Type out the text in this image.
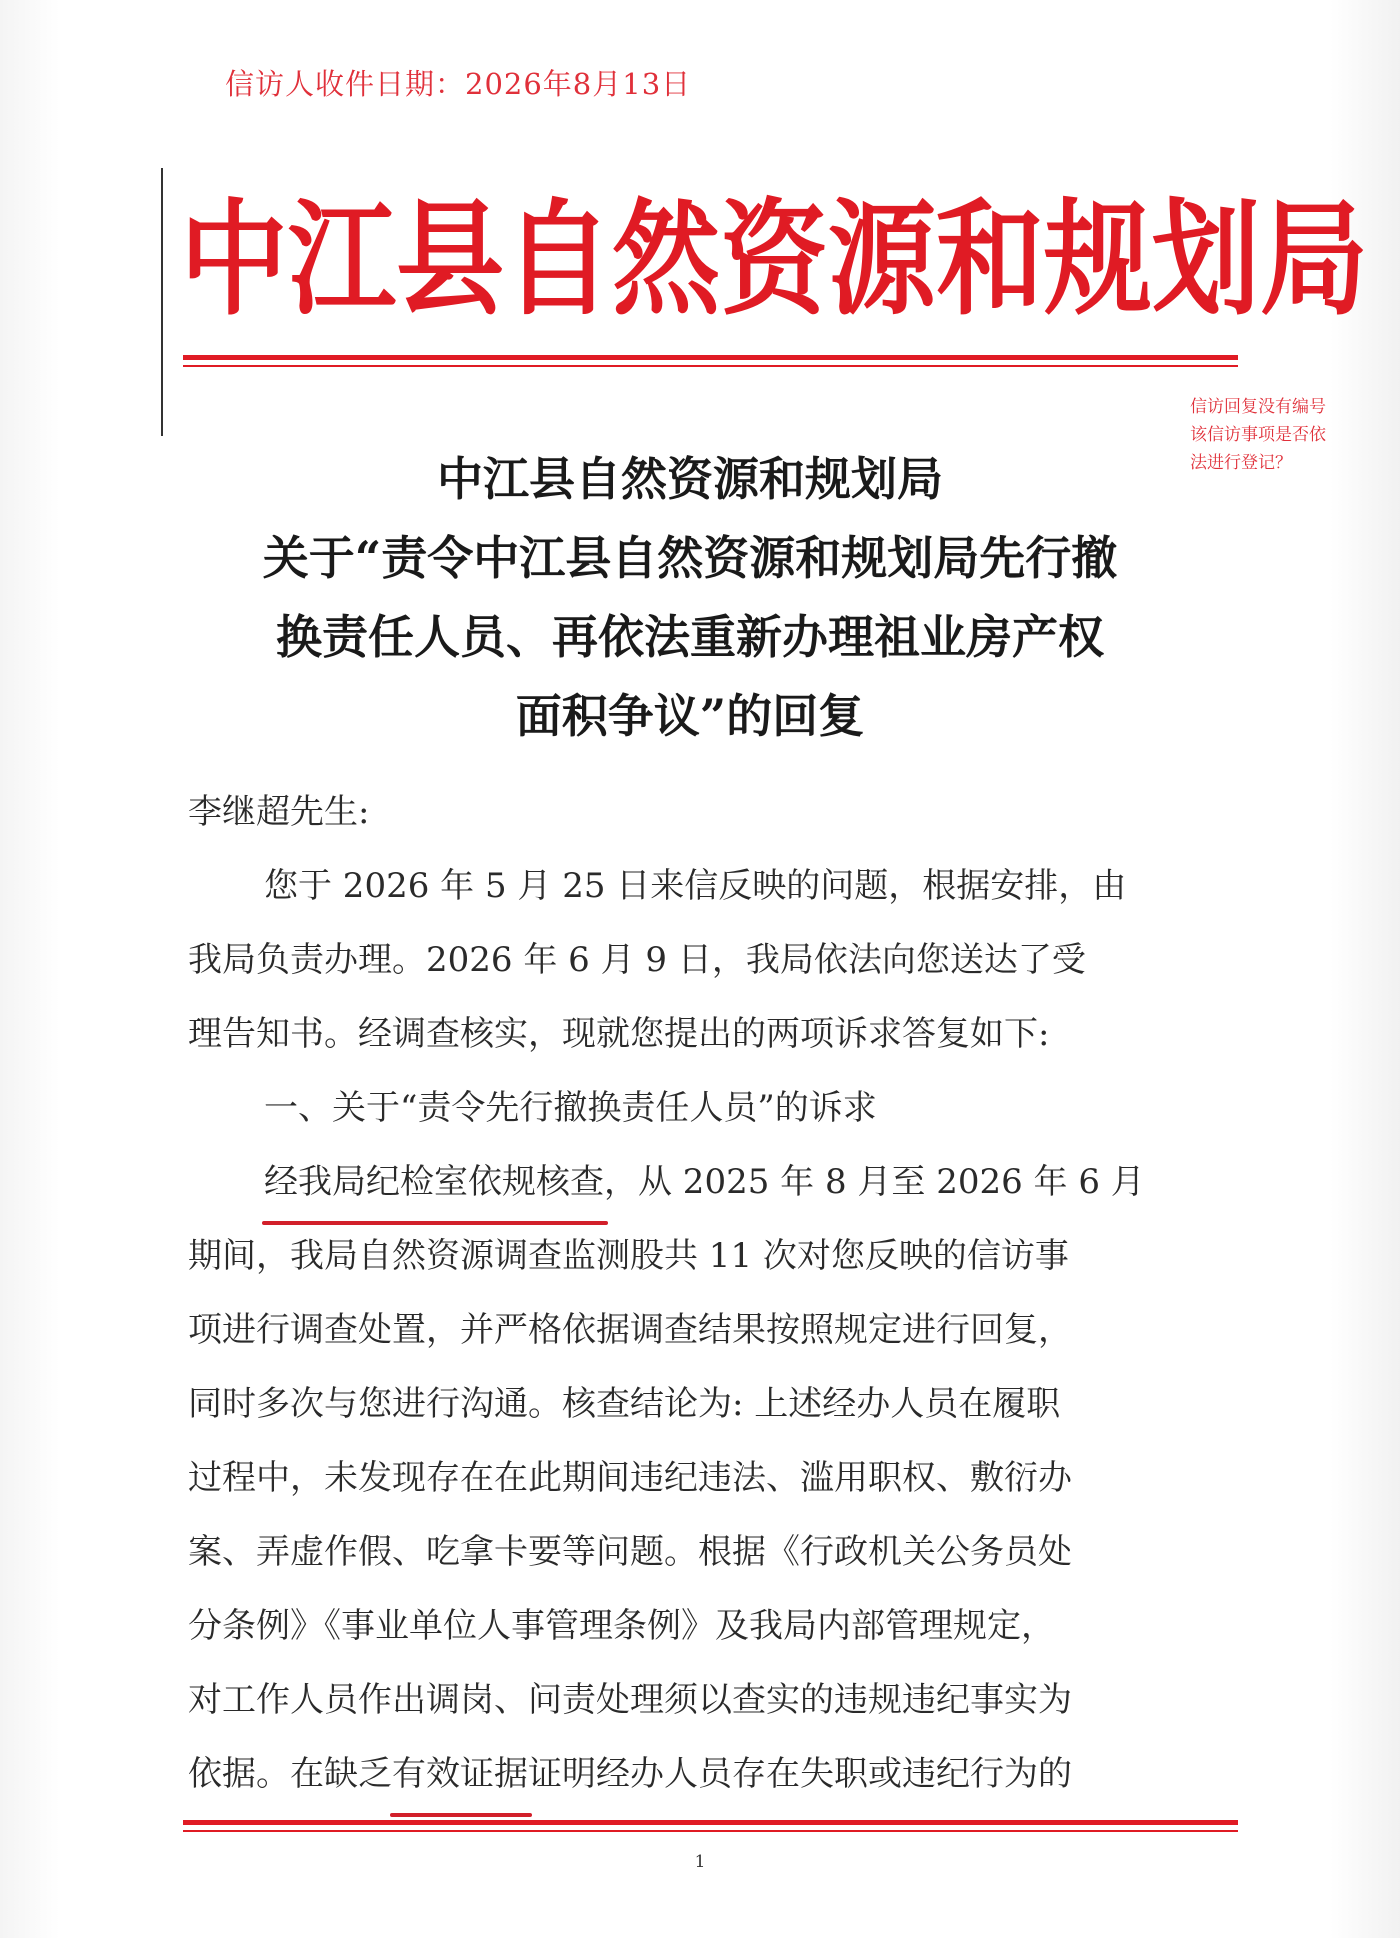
信访人收件日期：2026年8月13日
中江县自然资源和规划局
信访回复没有编号
该信访事项是否依
法进行登记？
中江县自然资源和规划局
关于“责令中江县自然资源和规划局先行撤
换责任人员、再依法重新办理祖业房产权
面积争议”的回复
李继超先生:
您于 2026 年 5 月 25 日来信反映的问题，根据安排，由
我局负责办理。2026 年 6 月 9 日，我局依法向您送达了受
理告知书。经调查核实，现就您提出的两项诉求答复如下:
一、关于“责令先行撤换责任人员”的诉求
经我局纪检室依规核查，从 2025 年 8 月至 2026 年 6 月
期间，我局自然资源调查监测股共 11 次对您反映的信访事
项进行调查处置，并严格依据调查结果按照规定进行回复，
同时多次与您进行沟通。核查结论为: 上述经办人员在履职
过程中，未发现存在在此期间违纪违法、滥用职权、敷衍办
案、弄虚作假、吃拿卡要等问题。根据《行政机关公务员处
分条例》《事业单位人事管理条例》及我局内部管理规定，
对工作人员作出调岗、问责处理须以查实的违规违纪事实为
依据。在缺乏有效证据证明经办人员存在失职或违纪行为的
1
